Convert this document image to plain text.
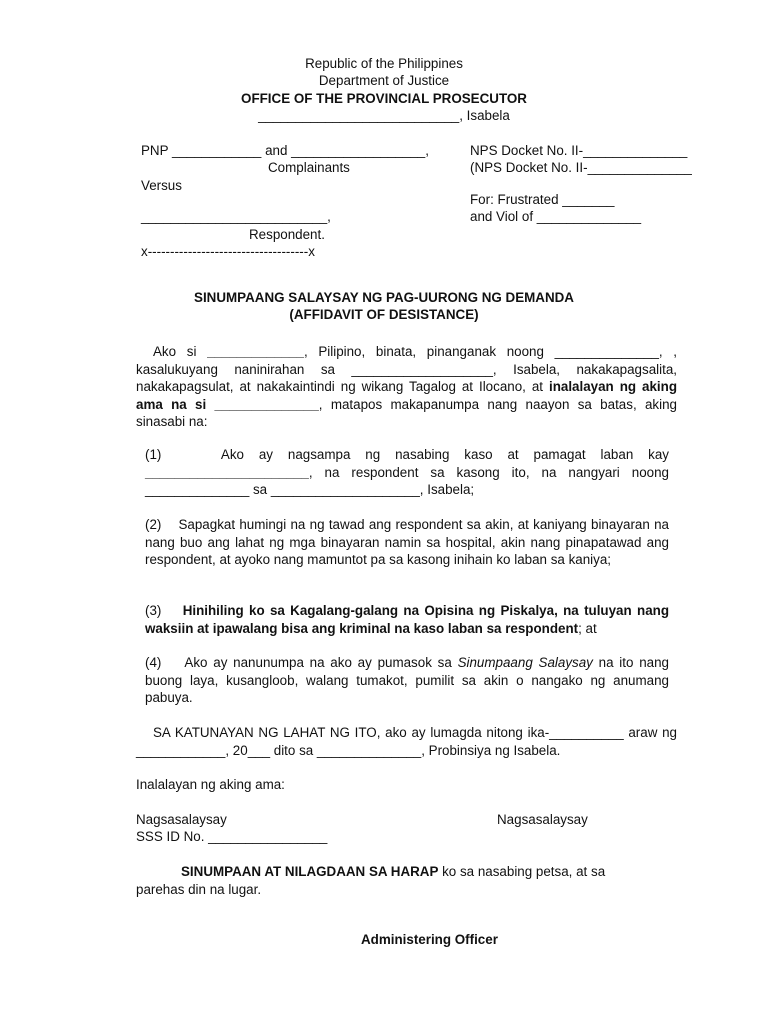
Republic of the Philippines
Department of Justice
OFFICE OF THE PROVINCIAL PROSECUTOR
___________________________, Isabela
PNP ____________ and __________________,
Complainants
Versus
_________________________,
Respondent.
x------------------------------------x
NPS Docket No. II-______________
(NPS Docket No. II-______________
For: Frustrated _______
and Viol of ______________
SINUMPAANG SALAYSAY NG PAG-UURONG NG DEMANDA
(AFFIDAVIT OF DESISTANCE)
Ako si _____________, Pilipino, binata, pinanganak noong ______________, , kasalukuyang naninirahan sa ___________________, Isabela, nakakapagsalita, nakakapagsulat, at nakakaintindi ng wikang Tagalog at Ilocano, at inalalayan ng aking ama na si ______________, matapos makapanumpa nang naayon sa batas, aking sinasabi na:
(1)	Ako ay nagsampa ng nasabing kaso at pamagat laban kay ______________________, na respondent sa kasong ito, na nangyari noong ______________ sa ____________________, Isabela;
(2) Sapagkat humingi na ng tawad ang respondent sa akin, at kaniyang binayaran na nang buo ang lahat ng mga binayaran namin sa hospital, akin nang pinapatawad ang respondent, at ayoko nang mamuntot pa sa kasong inihain ko laban sa kaniya;
(3) Hinihiling ko sa Kagalang-galang na Opisina ng Piskalya, na tuluyan nang waksiin at ipawalang bisa ang kriminal na kaso laban sa respondent; at
(4) Ako ay nanunumpa na ako ay pumasok sa Sinumpaang Salaysay na ito nang buong laya, kusangloob, walang tumakot, pumilit sa akin o nangako ng anumang pabuya.
SA KATUNAYAN NG LAHAT NG ITO, ako ay lumagda nitong ika-__________ araw ng ____________, 20___ dito sa ______________, Probinsiya ng Isabela.
Inalalayan ng aking ama:
Nagsasalaysay
SSS ID No. ________________
Nagsasalaysay
SINUMPAAN AT NILAGDAAN SA HARAP ko sa nasabing petsa, at sa parehas din na lugar.
Administering Officer
